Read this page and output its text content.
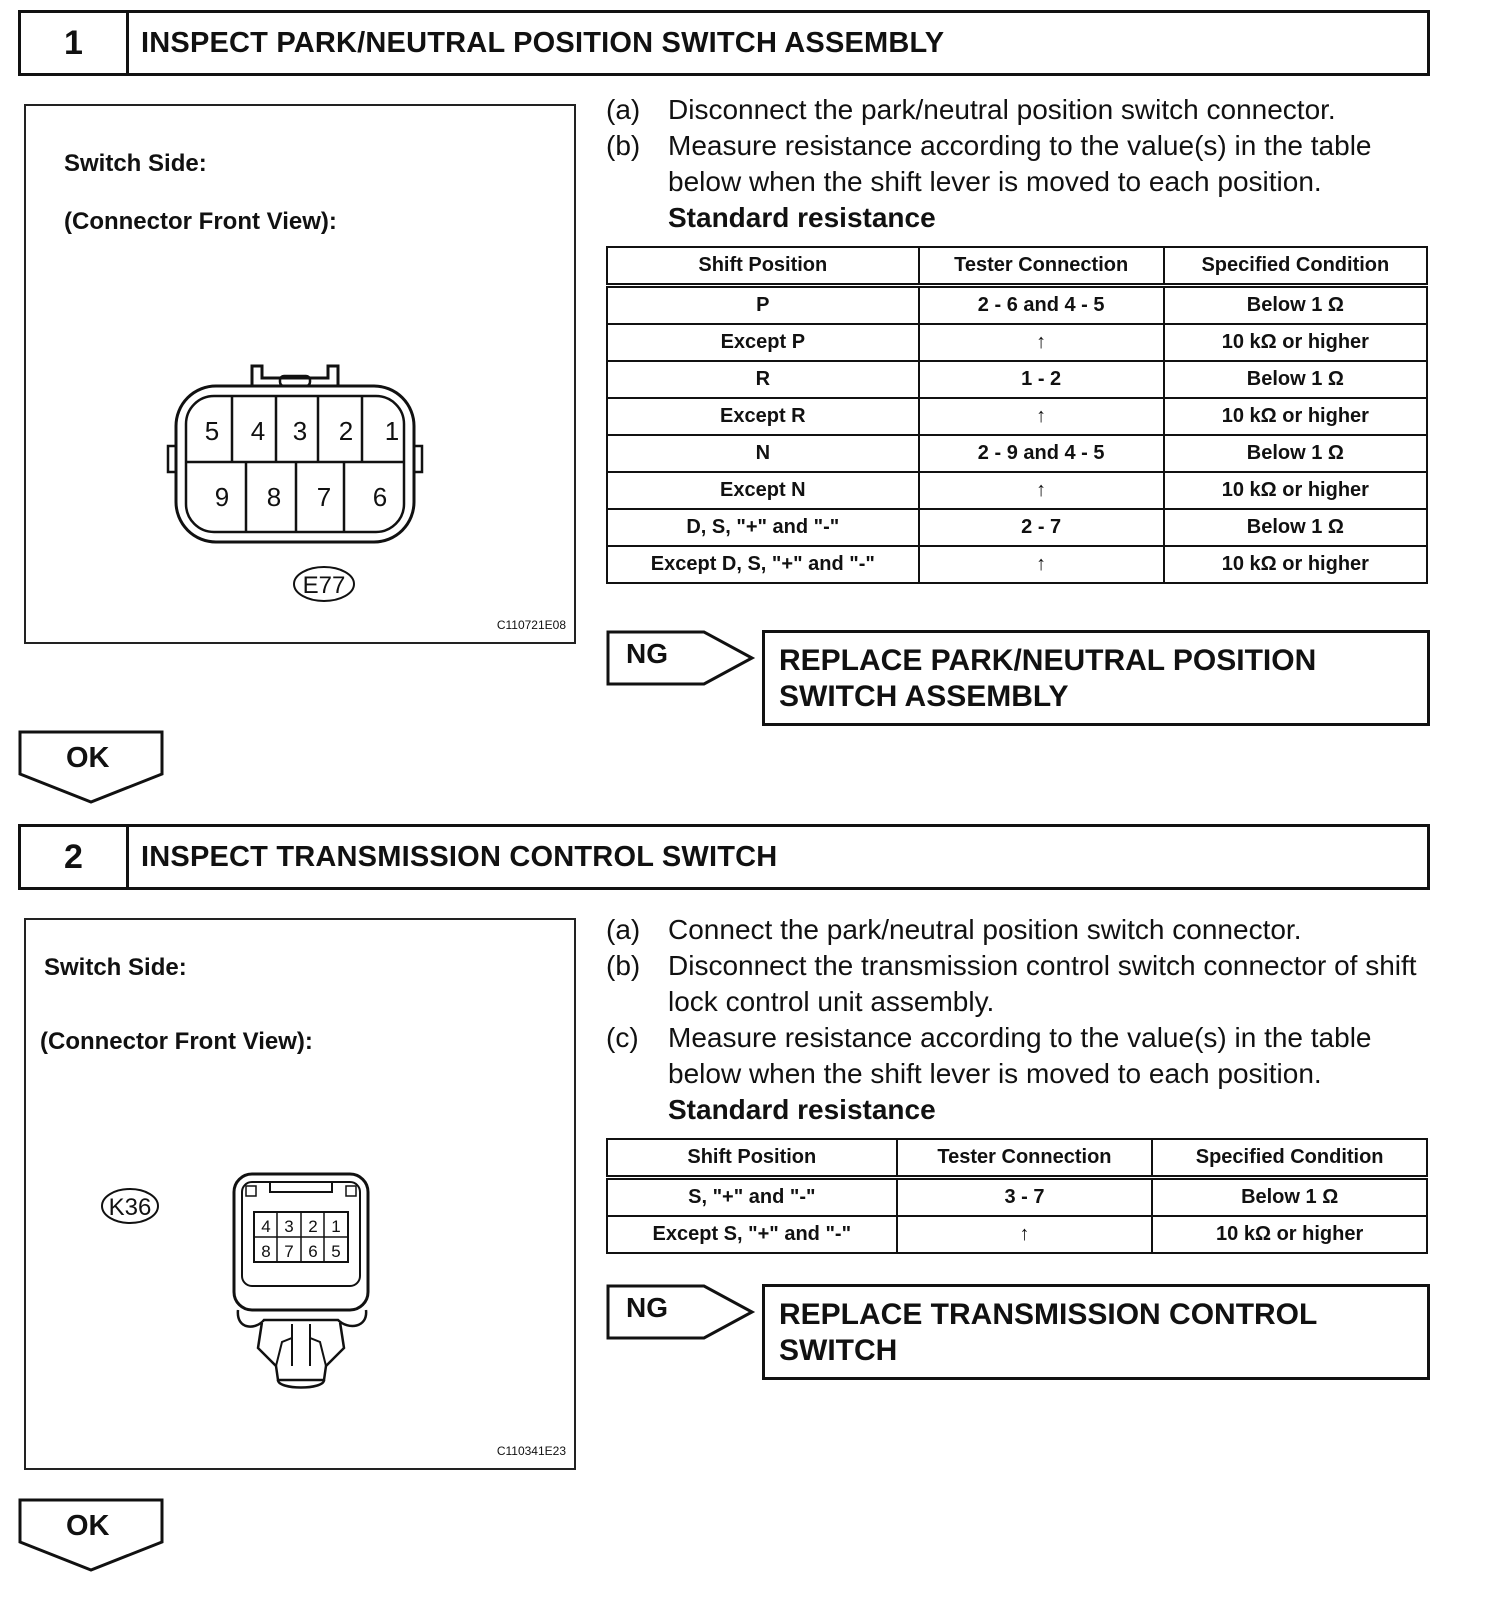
1	INSPECT PARK/NEUTRAL POSITION SWITCH ASSEMBLY
Switch Side:
(Connector Front View):
5 4 3 2 1
9 8 7 6
E77
C110721E08
(a) Disconnect the park/neutral position switch connector.
(b) Measure resistance according to the value(s) in the table below when the shift lever is moved to each position.
Standard resistance
Shift Position	Tester Connection	Specified Condition
P	2 - 6 and 4 - 5	Below 1 Ω
Except P	↑	10 kΩ or higher
R	1 - 2	Below 1 Ω
Except R	↑	10 kΩ or higher
N	2 - 9 and 4 - 5	Below 1 Ω
Except N	↑	10 kΩ or higher
D, S, "+" and "-"	2 - 7	Below 1 Ω
Except D, S, "+" and "-"	↑	10 kΩ or higher
NG	REPLACE PARK/NEUTRAL POSITION SWITCH ASSEMBLY
OK
2	INSPECT TRANSMISSION CONTROL SWITCH
Switch Side:
(Connector Front View):
K36
4 3 2 1
8 7 6 5
C110341E23
(a) Connect the park/neutral position switch connector.
(b) Disconnect the transmission control switch connector of shift lock control unit assembly.
(c)	Measure resistance according to the value(s) in the table below when the shift lever is moved to each position.
Standard resistance
Shift Position	Tester Connection	Specified Condition
S, "+" and "-"	3 - 7	Below 1 Ω
Except S, "+" and "-"	↑	10 kΩ or higher
NG	REPLACE TRANSMISSION CONTROL SWITCH
OK
